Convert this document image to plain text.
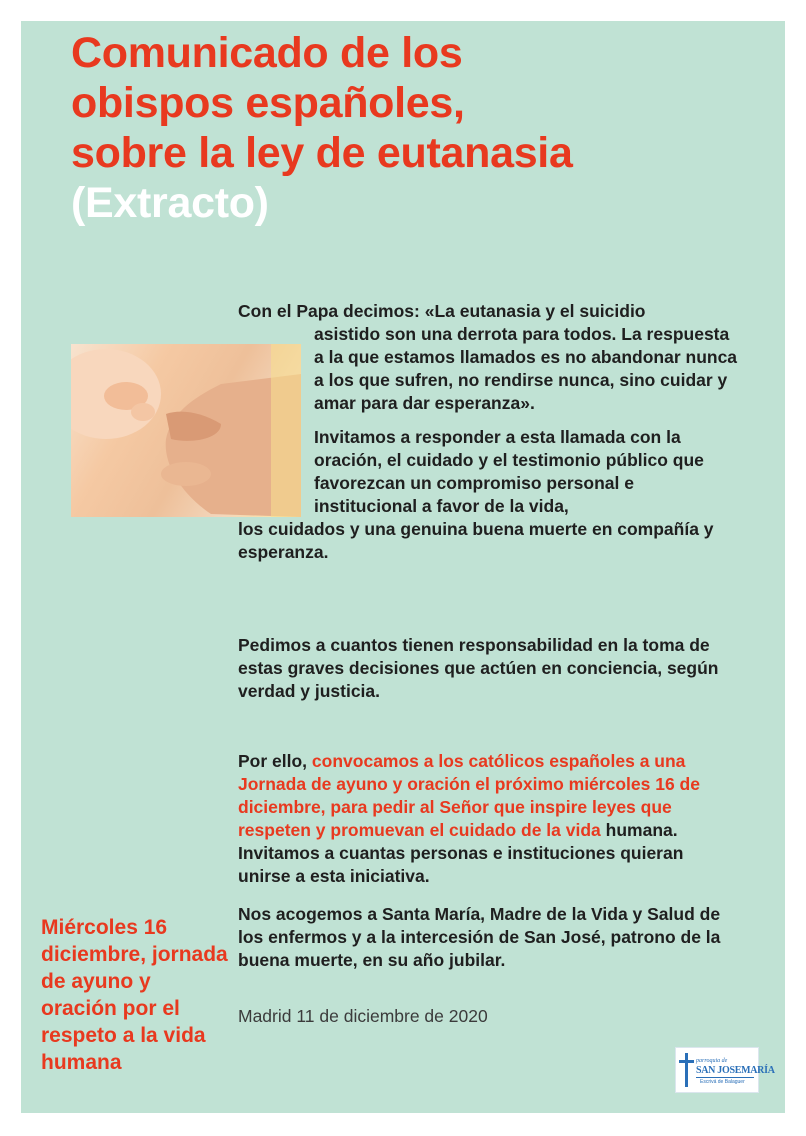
Comunicado de los obispos españoles, sobre la ley de eutanasia
(Extracto)

Con el Papa decimos: «La eutanasia y el suicidio
asistido son una derrota para todos. La respuesta a la que estamos llamados es no abandonar nunca a los que sufren, no rendirse nunca, sino cuidar y amar para dar esperanza».
Invitamos a responder a esta llamada con la oración, el cuidado y el testimonio público que favorezcan un compromiso personal e institucional a favor de la vida,
los cuidados y una genuina buena muerte en compañía y esperanza.

Pedimos a cuantos tienen responsabilidad en la toma de estas graves decisiones que actúen en conciencia, según verdad y justicia.

Por ello, convocamos a los católicos españoles a una Jornada de ayuno y oración el próximo miércoles 16 de diciembre, para pedir al Señor que inspire leyes que respeten y promuevan el cuidado de la vida humana. Invitamos a cuantas personas e instituciones quieran unirse a esta iniciativa.

Nos acogemos a Santa María, Madre de la Vida y Salud de los enfermos y a la intercesión de San José, patrono de la buena muerte, en su año jubilar.

Madrid 11 de diciembre de 2020

Miércoles 16 diciembre, jornada de ayuno y oración por el respeto a la vida humana	parroquia de
SAN JOSEMARÍA
Escrivá de Balaguer
